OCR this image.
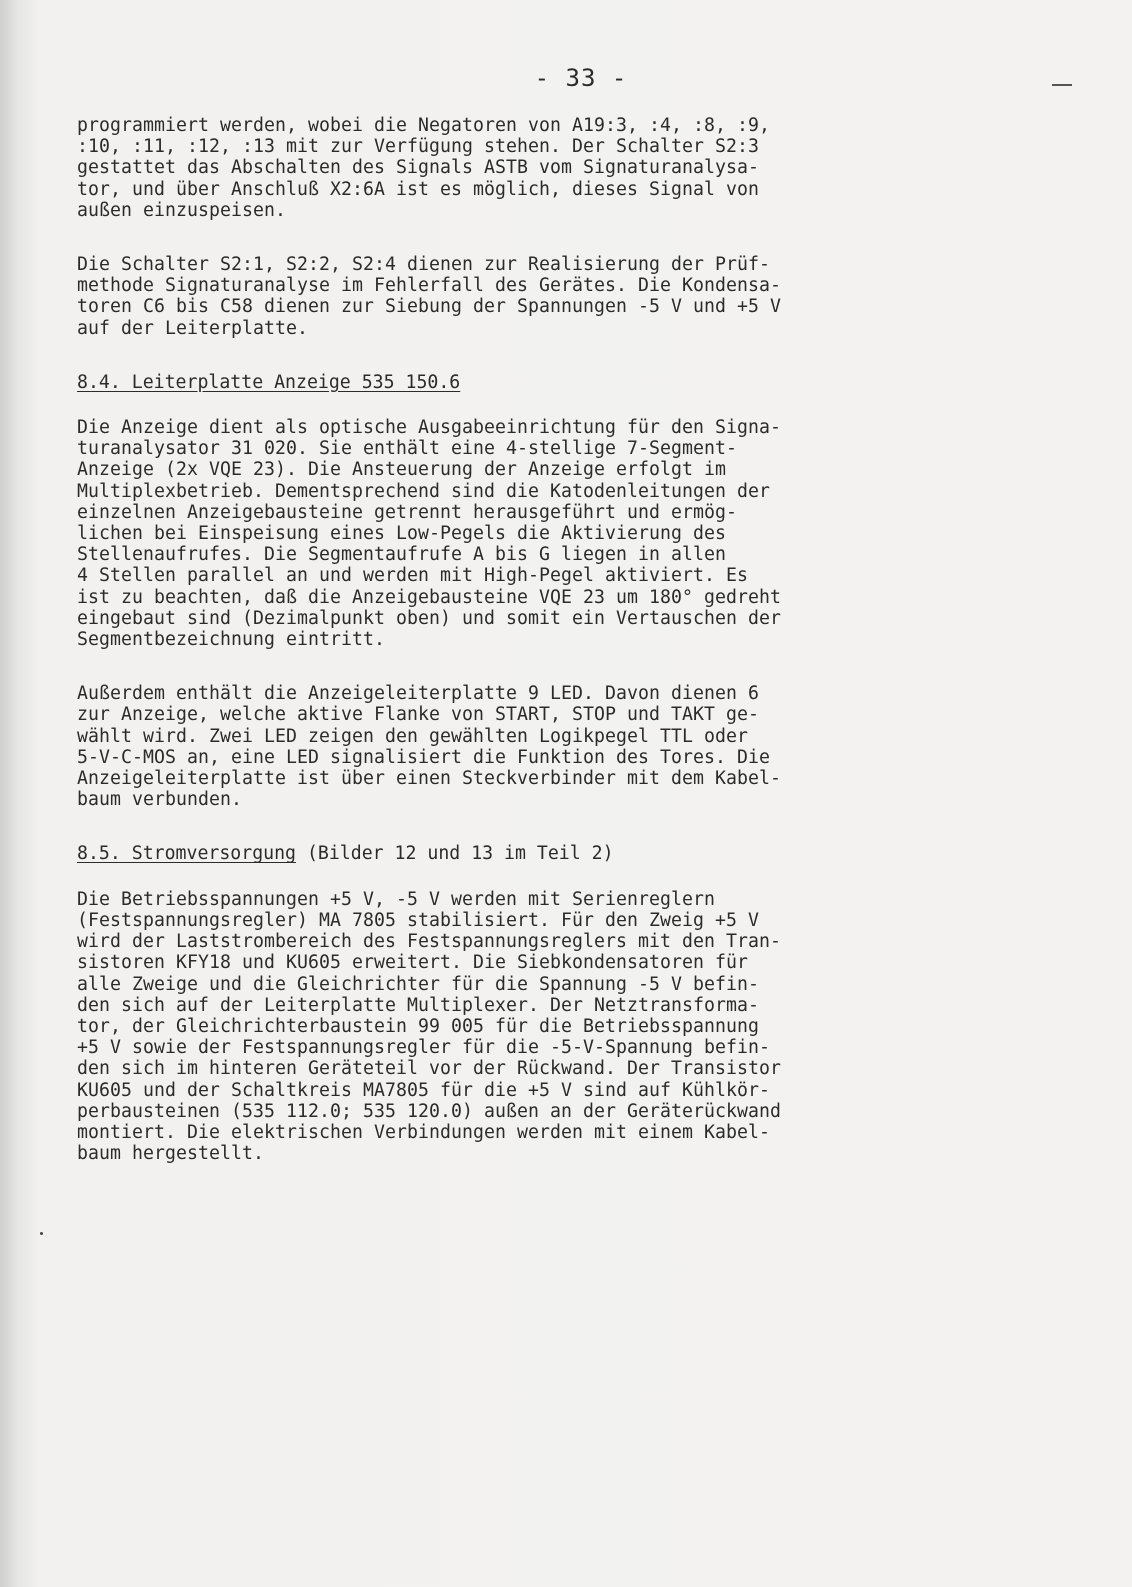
- 33 -

programmiert werden, wobei die Negatoren von A19:3, :4, :8, :9,
:10, :11, :12, :13 mit zur Verfügung stehen. Der Schalter S2:3
gestattet das Abschalten des Signals ASTB vom Signaturanalysa-
tor, und über Anschluß X2:6A ist es möglich, dieses Signal von
außen einzuspeisen.

Die Schalter S2:1, S2:2, S2:4 dienen zur Realisierung der Prüf-
methode Signaturanalyse im Fehlerfall des Gerätes. Die Kondensa-
toren C6 bis C58 dienen zur Siebung der Spannungen -5 V und +5 V
auf der Leiterplatte.

8.4. Leiterplatte Anzeige 535 150.6

Die Anzeige dient als optische Ausgabeeinrichtung für den Signa-
turanalysator 31 020. Sie enthält eine 4-stellige 7-Segment-
Anzeige (2x VQE 23). Die Ansteuerung der Anzeige erfolgt im
Multiplexbetrieb. Dementsprechend sind die Katodenleitungen der
einzelnen Anzeigebausteine getrennt herausgeführt und ermög-
lichen bei Einspeisung eines Low-Pegels die Aktivierung des
Stellenaufrufes. Die Segmentaufrufe A bis G liegen in allen
4 Stellen parallel an und werden mit High-Pegel aktiviert. Es
ist zu beachten, daß die Anzeigebausteine VQE 23 um 180° gedreht
eingebaut sind (Dezimalpunkt oben) und somit ein Vertauschen der
Segmentbezeichnung eintritt.

Außerdem enthält die Anzeigeleiterplatte 9 LED. Davon dienen 6
zur Anzeige, welche aktive Flanke von START, STOP und TAKT ge-
wählt wird. Zwei LED zeigen den gewählten Logikpegel TTL oder
5-V-C-MOS an, eine LED signalisiert die Funktion des Tores. Die
Anzeigeleiterplatte ist über einen Steckverbinder mit dem Kabel-
baum verbunden.

8.5. Stromversorgung (Bilder 12 und 13 im Teil 2)

Die Betriebsspannungen +5 V, -5 V werden mit Serienreglern
(Festspannungsregler) MA 7805 stabilisiert. Für den Zweig +5 V
wird der Laststrombereich des Festspannungsreglers mit den Tran-
sistoren KFY18 und KU605 erweitert. Die Siebkondensatoren für
alle Zweige und die Gleichrichter für die Spannung -5 V befin-
den sich auf der Leiterplatte Multiplexer. Der Netztransforma-
tor, der Gleichrichterbaustein 99 005 für die Betriebsspannung
+5 V sowie der Festspannungsregler für die -5-V-Spannung befin-
den sich im hinteren Geräteteil vor der Rückwand. Der Transistor
KU605 und der Schaltkreis MA7805 für die +5 V sind auf Kühlkör-
perbausteinen (535 112.0; 535 120.0) außen an der Geräterückwand
montiert. Die elektrischen Verbindungen werden mit einem Kabel-
baum hergestellt.
